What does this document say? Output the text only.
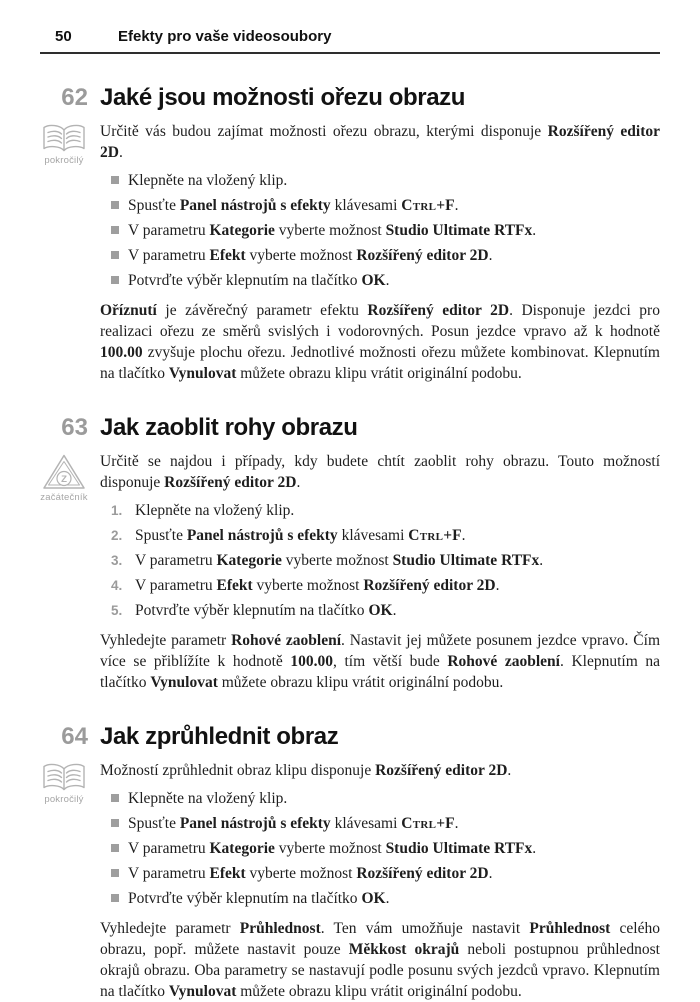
50	Efekty pro vaše videosoubory
62 Jaké jsou možnosti ořezu obrazu
pokročilý

Určitě vás budou zajímat možnosti ořezu obrazu, kterými disponuje Rozšířený editor 2D.

Klepněte na vložený klip.
Spusťte Panel nástrojů s efekty klávesami Ctrl+F.
V parametru Kategorie vyberte možnost Studio Ultimate RTFx.
V parametru Efekt vyberte možnost Rozšířený editor 2D.
Potvrďte výběr klepnutím na tlačítko OK.

Oříznutí je závěrečný parametr efektu Rozšířený editor 2D. Disponuje jezdci pro realizaci ořezu ze směrů svislých i vodorovných. Posun jezdce vpravo až k hodnotě 100.00 zvyšuje plochu ořezu. Jednotlivé možnosti ořezu můžete kombinovat. Klepnutím na tlačítko Vynulovat můžete obrazu klipu vrátit originální podobu.

63 Jak zaoblit rohy obrazu
Z
začátečník

Určitě se najdou i případy, kdy budete chtít zaoblit rohy obrazu. Touto možností disponuje Rozšířený editor 2D.

1. Klepněte na vložený klip.
2. Spusťte Panel nástrojů s efekty klávesami Ctrl+F.
3. V parametru Kategorie vyberte možnost Studio Ultimate RTFx.
4. V parametru Efekt vyberte možnost Rozšířený editor 2D.
5. Potvrďte výběr klepnutím na tlačítko OK.

Vyhledejte parametr Rohové zaoblení. Nastavit jej můžete posunem jezdce vpravo. Čím více se přiblížíte k hodnotě 100.00, tím větší bude Rohové zaoblení. Klepnutím na tlačítko Vynulovat můžete obrazu klipu vrátit originální podobu.

64 Jak zprůhlednit obraz
pokročilý

Možností zprůhlednit obraz klipu disponuje Rozšířený editor 2D.

Klepněte na vložený klip.
Spusťte Panel nástrojů s efekty klávesami Ctrl+F.
V parametru Kategorie vyberte možnost Studio Ultimate RTFx.
V parametru Efekt vyberte možnost Rozšířený editor 2D.
Potvrďte výběr klepnutím na tlačítko OK.

Vyhledejte parametr Průhlednost. Ten vám umožňuje nastavit Průhlednost celého obrazu, popř. můžete nastavit pouze Měkkost okrajů neboli postupnou průhlednost okrajů obrazu. Oba parametry se nastavují podle posunu svých jezdců vpravo. Klepnutím na tlačítko Vynulovat můžete obrazu klipu vrátit originální podobu.
